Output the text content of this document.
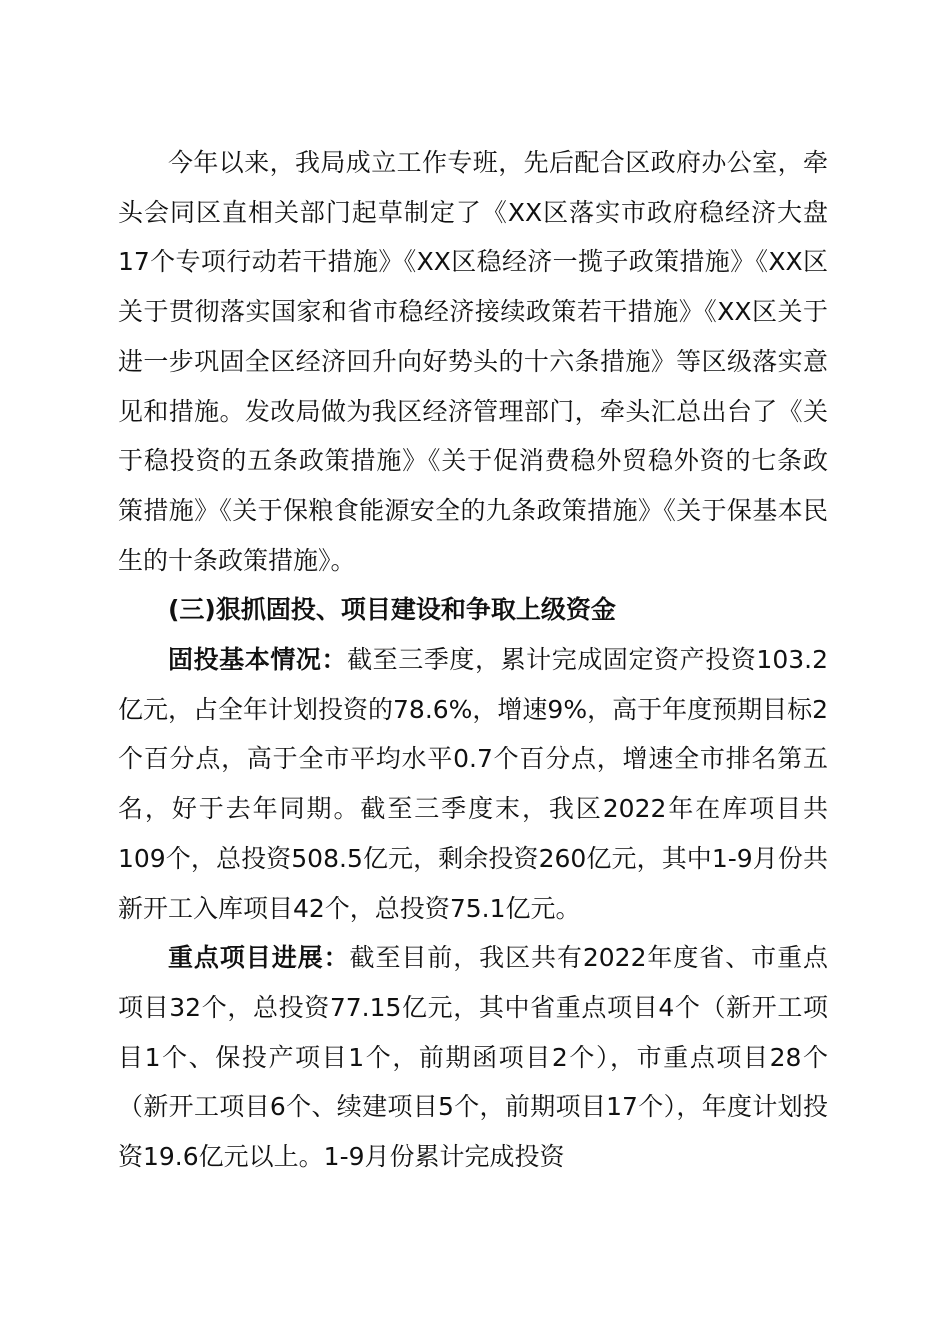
今年以来，我局成立工作专班，先后配合区政府办公室，牵头会同区直相关部门起草制定了《XX区落实市政府稳经济大盘17个专项行动若干措施》《XX区稳经济一揽子政策措施》《XX区关于贯彻落实国家和省市稳经济接续政策若干措施》《XX区关于进一步巩固全区经济回升向好势头的十六条措施》等区级落实意见和措施。发改局做为我区经济管理部门，牵头汇总出台了《关于稳投资的五条政策措施》《关于促消费稳外贸稳外资的七条政策措施》《关于保粮食能源安全的九条政策措施》《关于保基本民生的十条政策措施》。

(三)狠抓固投、项目建设和争取上级资金

固投基本情况：截至三季度，累计完成固定资产投资103.2亿元，占全年计划投资的78.6%，增速9%，高于年度预期目标2个百分点，高于全市平均水平0.7个百分点，增速全市排名第五名，好于去年同期。截至三季度末，我区2022年在库项目共109个，总投资508.5亿元，剩余投资260亿元，其中1-9月份共新开工入库项目42个，总投资75.1亿元。

重点项目进展：截至目前，我区共有2022年度省、市重点项目32个，总投资77.15亿元，其中省重点项目4个（新开工项目1个、保投产项目1个，前期函项目2个），市重点项目28个（新开工项目6个、续建项目5个，前期项目17个），年度计划投资19.6亿元以上。1-9月份累计完成投资
